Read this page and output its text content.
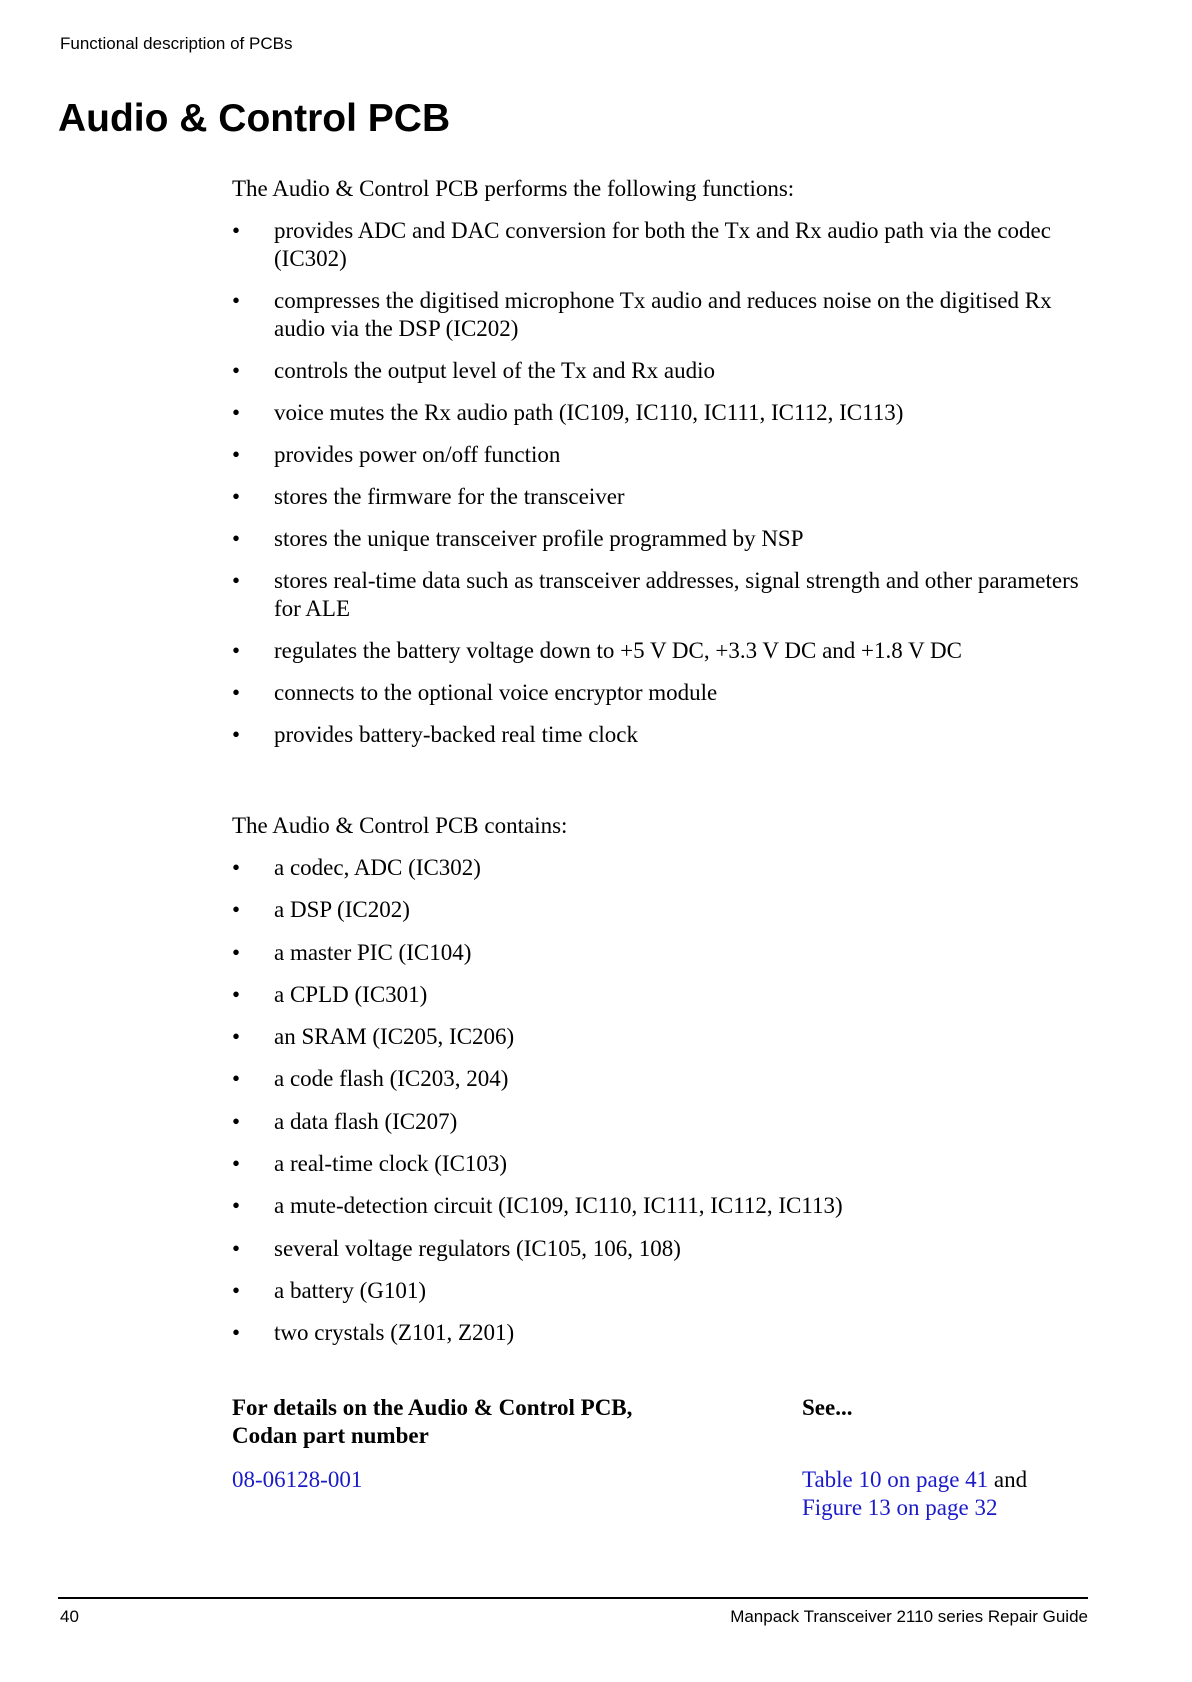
Functional description of PCBs
Audio & Control PCB

The Audio & Control PCB performs the following functions:

• provides ADC and DAC conversion for both the Tx and Rx audio path via the codec (IC302)
• compresses the digitised microphone Tx audio and reduces noise on the digitised Rx audio via the DSP (IC202)
• controls the output level of the Tx and Rx audio
• voice mutes the Rx audio path (IC109, IC110, IC111, IC112, IC113)
• provides power on/off function
• stores the firmware for the transceiver
• stores the unique transceiver profile programmed by NSP
• stores real-time data such as transceiver addresses, signal strength and other parameters for ALE
• regulates the battery voltage down to +5 V DC, +3.3 V DC and +1.8 V DC
• connects to the optional voice encryptor module
• provides battery-backed real time clock

The Audio & Control PCB contains:

• a codec, ADC (IC302)
• a DSP (IC202)
• a master PIC (IC104)
• a CPLD (IC301)
• an SRAM (IC205, IC206)
• a code flash (IC203, 204)
• a data flash (IC207)
• a real-time clock (IC103)
• a mute-detection circuit (IC109, IC110, IC111, IC112, IC113)
• several voltage regulators (IC105, 106, 108)
• a battery (G101)
• two crystals (Z101, Z201)
For details on the Audio & Control PCB,
Codan part number
See...
08-06128-001	Table 10 on page 41 and
Figure 13 on page 32
40	Manpack Transceiver 2110 series Repair Guide
